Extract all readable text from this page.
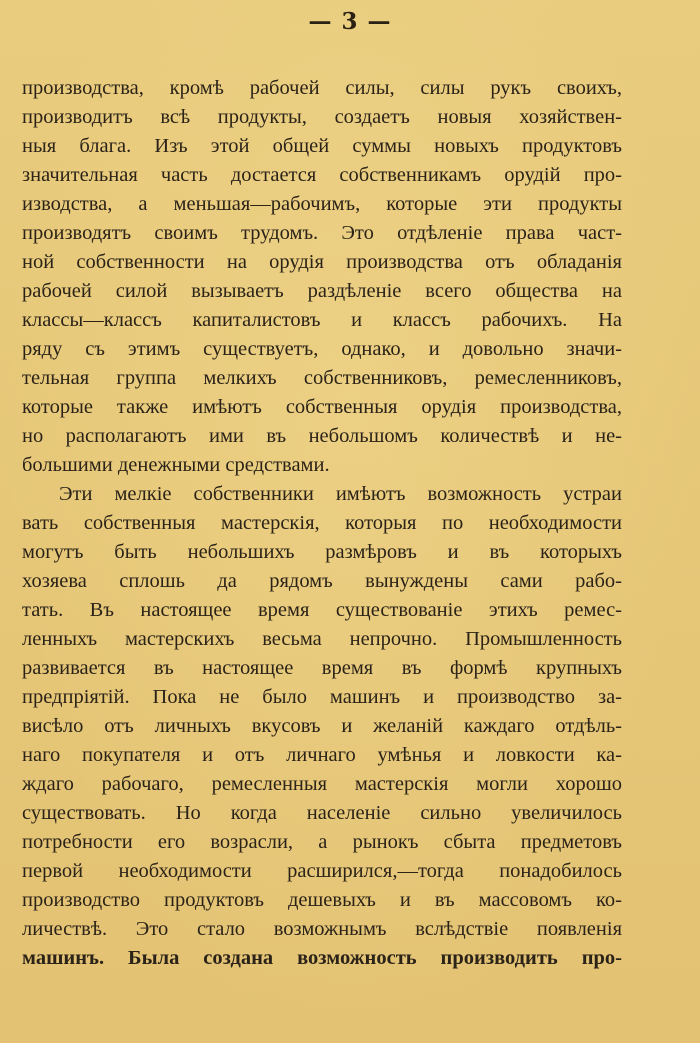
— 3 —
производства, кромѣ рабочей силы, силы рукъ своихъ,
производитъ всѣ продукты, создаетъ новыя хозяйствен-
ныя блага. Изъ этой общей суммы новыхъ продуктовъ
значительная часть достается собственникамъ орудій про-
изводства, а меньшая—рабочимъ, которые эти продукты
производятъ своимъ трудомъ. Это отдѣленіе права част-
ной собственности на орудія производства отъ обладанія
рабочей силой вызываетъ раздѣленіе всего общества на
классы—классъ капиталистовъ и классъ рабочихъ. На
ряду съ этимъ существуетъ, однако, и довольно значи-
тельная группа мелкихъ собственниковъ, ремесленниковъ,
которые также имѣютъ собственныя орудія производства,
но располагаютъ ими въ небольшомъ количествѣ и не-
большими денежными средствами.
Эти мелкіе собственники имѣютъ возможность устраи
вать собственныя мастерскія, которыя по необходимости
могутъ быть небольшихъ размѣровъ и въ которыхъ
хозяева сплошь да рядомъ вынуждены сами рабо-
тать. Въ настоящее время существованіе этихъ ремес-
ленныхъ мастерскихъ весьма непрочно. Промышленность
развивается въ настоящее время въ формѣ крупныхъ
предпріятій. Пока не было машинъ и производство за-
висѣло отъ личныхъ вкусовъ и желаній каждаго отдѣль-
наго покупателя и отъ личнаго умѣнья и ловкости ка-
ждаго рабочаго, ремесленныя мастерскія могли хорошо
существовать. Но когда населеніе сильно увеличилось
потребности его возрасли, а рынокъ сбыта предметовъ
первой необходимости расширился,—тогда понадобилось
производство продуктовъ дешевыхъ и въ массовомъ ко-
личествѣ. Это стало возможнымъ вслѣдствіе появленія
машинъ. Была создана возможность производить про-
